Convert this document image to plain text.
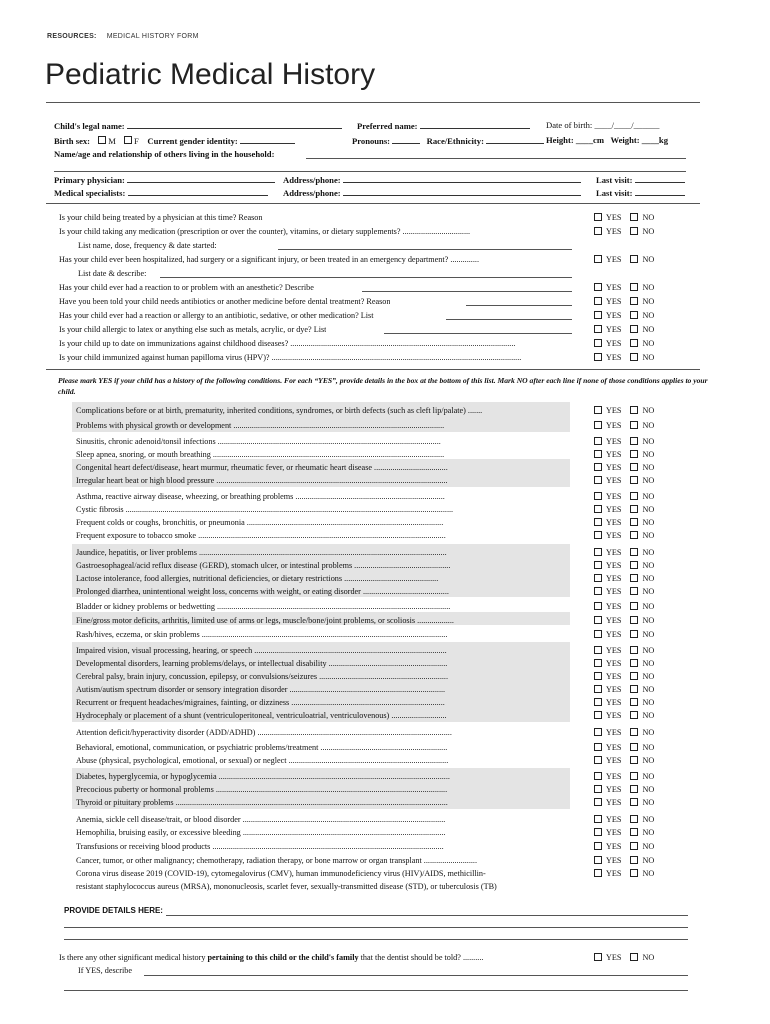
RESOURCES: MEDICAL HISTORY FORM
Pediatric Medical History
Child's legal name:	Preferred name:	Date of birth: ____/____/______
Birth sex: M F Current gender identity:	Pronouns:	Race/Ethnicity:	Height: ____cm Weight: ____kg
Name/age and relationship of others living in the household:
Primary physician:	Address/phone:	Last visit:
Medical specialists:	Address/phone:	Last visit:
Is your child being treated by a physician at this time? Reason	YES	NO
Is your child taking any medication (prescription or over the counter), vitamins, or dietary supplements? .................................	YES	NO
List name, dose, frequency & date started:
Has your child ever been hospitalized, had surgery or a significant injury, or been treated in an emergency department? ..............	YES	NO
List date & describe:
Has your child ever had a reaction to or problem with an anesthetic? Describe	YES	NO
Have you been told your child needs antibiotics or another medicine before dental treatment? Reason	YES	NO
Has your child ever had a reaction or allergy to an antibiotic, sedative, or other medication? List	YES	NO
Is your child allergic to latex or anything else such as metals, acrylic, or dye? List	YES	NO
Is your child up to date on immunizations against childhood diseases? ..............................................................................................................	YES	NO
Is your child immunized against human papilloma virus (HPV)? ..........................................................................................................................	YES	NO
Please mark YES if your child has a history of the following conditions. For each “YES”, provide details in the box at the bottom of this list. Mark NO after each line if none of those conditions applies to your child.
Complications before or at birth, prematurity, inherited conditions, syndromes, or birth defects (such as cleft lip/palate) .......	YES	NO
Problems with physical growth or development .......................................................................................................	YES	NO
Sinusitis, chronic adenoid/tonsil infections .............................................................................................................	YES	NO
Sleep apnea, snoring, or mouth breathing .................................................................................................................	YES	NO
Congenital heart defect/disease, heart murmur, rheumatic fever, or rheumatic heart disease ....................................	YES	NO
Irregular heart beat or high blood pressure .................................................................................................................	YES	NO
Asthma, reactive airway disease, wheezing, or breathing problems .........................................................................	YES	NO
Cystic fibrosis ................................................................................................................................................................	YES	NO
Frequent colds or coughs, bronchitis, or pneumonia ................................................................................................	YES	NO
Frequent exposure to tobacco smoke .........................................................................................................................	YES	NO
Jaundice, hepatitis, or liver problems .........................................................................................................................	YES	NO
Gastroesophageal/acid reflux disease (GERD), stomach ulcer, or intestinal problems ...............................................	YES	NO
Lactose intolerance, food allergies, nutritional deficiencies, or dietary restrictions ..............................................	YES	NO
Prolonged diarrhea, unintentional weight loss, concerns with weight, or eating disorder ..........................................	YES	NO
Bladder or kidney problems or bedwetting ..................................................................................................................	YES	NO
Fine/gross motor deficits, arthritis, limited use of arms or legs, muscle/bone/joint problems, or scoliosis ..................	YES	NO
Rash/hives, eczema, or skin problems ........................................................................................................................	YES	NO
Impaired vision, visual processing, hearing, or speech ..............................................................................................	YES	NO
Developmental disorders, learning problems/delays, or intellectual disability ..........................................................	YES	NO
Cerebral palsy, brain injury, concussion, epilepsy, or convulsions/seizures ...............................................................	YES	NO
Autism/autism spectrum disorder or sensory integration disorder ............................................................................	YES	NO
Recurrent or frequent headaches/migraines, fainting, or dizziness ...........................................................................	YES	NO
Hydrocephaly or placement of a shunt (ventriculoperitoneal, ventriculoatrial, ventriculovenous) ...........................	YES	NO
Attention deficit/hyperactivity disorder (ADD/ADHD) ...............................................................................................	YES	NO
Behavioral, emotional, communication, or psychiatric problems/treatment ..............................................................	YES	NO
Abuse (physical, psychological, emotional, or sexual) or neglect ..............................................................................	YES	NO
Diabetes, hyperglycemia, or hypoglycemia .................................................................................................................	YES	NO
Precocious puberty or hormonal problems .................................................................................................................	YES	NO
Thyroid or pituitary problems .....................................................................................................................................	YES	NO
Anemia, sickle cell disease/trait, or blood disorder ...................................................................................................	YES	NO
Hemophilia, bruising easily, or excessive bleeding ...................................................................................................	YES	NO
Transfusions or receiving blood products .................................................................................................................	YES	NO
Cancer, tumor, or other malignancy; chemotherapy, radiation therapy, or bone marrow or organ transplant ..........................	YES	NO
Corona virus disease 2019 (COVID-19), cytomegalovirus (CMV), human immunodeficiency virus (HIV)/AIDS, methicillin-	YES	NO
resistant staphylococcus aureus (MRSA), mononucleosis, scarlet fever, sexually-transmitted disease (STD), or tuberculosis (TB)
PROVIDE DETAILS HERE:
Is there any other significant medical history pertaining to this child or the child's family that the dentist should be told? ..........	YES	NO
If YES, describe
